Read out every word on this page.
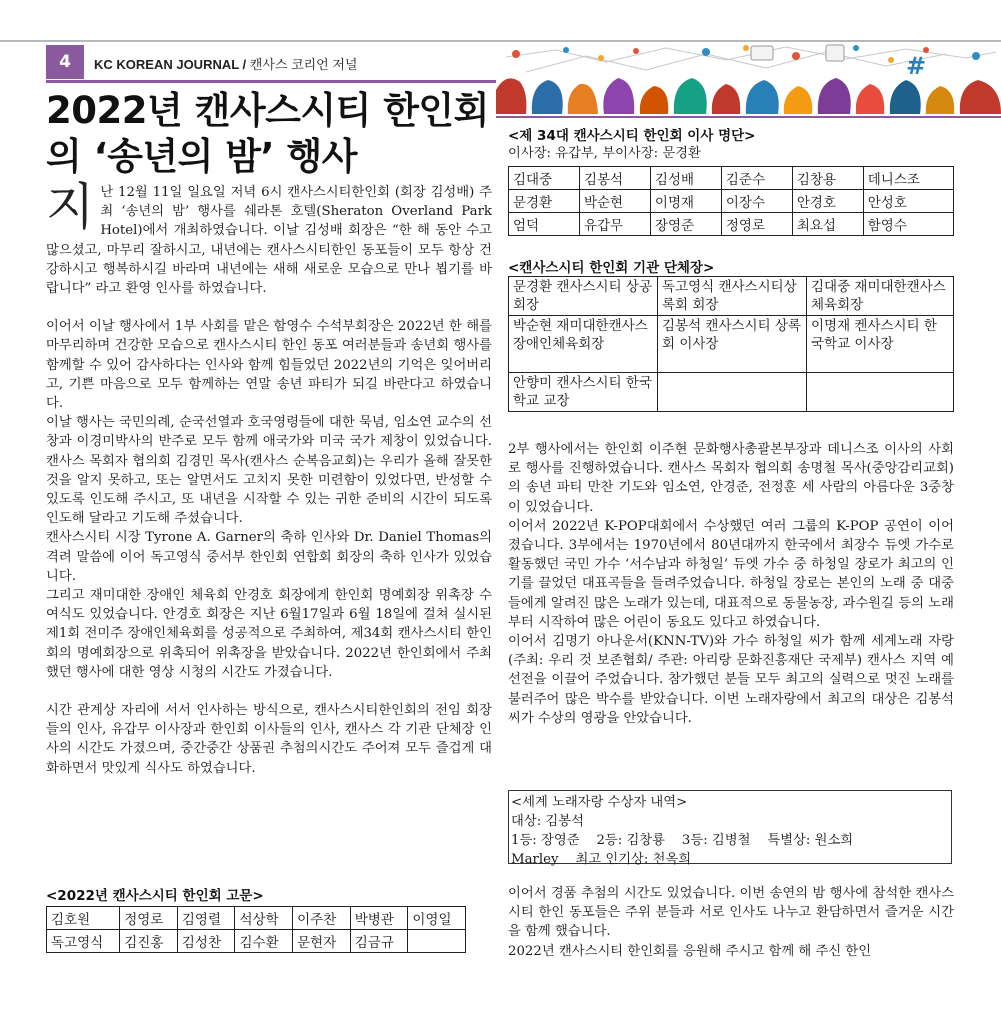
4	KC KOREAN JOURNAL / 캔사스 코리언 저널	#
2022년 캔사스시티 한인회의 ‘송년의 밤’ 행사

지난 12월 11일 일요일 저녁 6시 캔사스시티한인회 (회장 김성배) 주최 ‘송년의 밤’ 행사를 쉐라톤 호텔(Sheraton Overland Park Hotel)에서 개최하였습니다. 이날 김성배 회장은 “한 해 동안 수고 많으셨고, 마무리 잘하시고, 내년에는 캔사스시티한인 동포들이 모두 항상 건강하시고 행복하시길 바라며 내년에는 새해 새로운 모습으로 만나 뵙기를 바랍니다” 라고 환영 인사를 하였습니다.

이어서 이날 행사에서 1부 사회를 맡은 함영수 수석부회장은 2022년 한 해를 마무리하며 건강한 모습으로 캔사스시티 한인 동포 여러분들과 송년회 행사를 함께할 수 있어 감사하다는 인사와 함께 힘들었던 2022년의 기억은 잊어버리고, 기쁜 마음으로 모두 함께하는 연말 송년 파티가 되길 바란다고 하였습니다.

이날 행사는 국민의례, 순국선열과 호국영령들에 대한 묵념, 임소연 교수의 선창과 이경미박사의 반주로 모두 함께 애국가와 미국 국가 제창이 있었습니다. 캔사스 목회자 협의회 김경민 목사(캔사스 순복음교회)는 우리가 올해 잘못한 것을 알지 못하고, 또는 알면서도 고치지 못한 미련함이 있었다면, 반성할 수 있도록 인도해 주시고, 또 내년을 시작할 수 있는 귀한 준비의 시간이 되도록 인도해 달라고 기도해 주셨습니다.

캔사스시티 시장 Tyrone A. Garner의 축하 인사와 Dr. Daniel Thomas의 격려 말씀에 이어 독고영식 중서부 한인회 연합회 회장의 축하 인사가 있었습니다.

그리고 재미대한 장애인 체육회 안경호 회장에게 한인회 명예회장 위촉장 수여식도 있었습니다. 안경호 회장은 지난 6월17일과 6월 18일에 걸쳐 실시된 제1회 전미주 장애인체육회를 성공적으로 주최하여, 제34회 캔사스시티 한인회의 명예회장으로 위촉되어 위촉장을 받았습니다. 2022년 한인회에서 주최했던 행사에 대한 영상 시청의 시간도 가졌습니다.

시간 관계상 자리에 서서 인사하는 방식으로, 캔사스시티한인회의 전임 회장들의 인사, 유갑무 이사장과 한인회 이사들의 인사, 캔사스 각 기관 단체장 인사의 시간도 가졌으며, 중간중간 상품권 추첨의시간도 주어져 모두 즐겁게 대화하면서 맛있게 식사도 하였습니다.

<2022년 캔사스시티 한인회 고문>
김호원	정영로	김영렬	석상학	이주찬	박병관	이영일
독고영식	김진홍	김성찬	김수환	문현자	김금규	
<제 34대 캔사스시티 한인회 이사 명단>
이사장: 유갑부, 부이사장: 문경환
김대중	김봉석	김성배	김준수	김창용	데니스조
문경환	박순현	이명재	이장수	안경호	안성호
엄덕	유갑무	장영준	정영로	최요섭	함영수
<캔사스시티 한인회 기관 단체장>
문경환 캔사스시티 상공회장	독고영식 캔사스시티상록회 회장	김대중 재미대한캔사스체육회장
박순현 재미대한캔사스장애인체육회장	김봉석 캔사스시티 상록회 이사장	이명재 켄사스시티 한국학교 이사장
안향미 캔사스시티 한국학교 교장		

2부 행사에서는 한인회 이주현 문화행사총괄본부장과 데니스조 이사의 사회로 행사를 진행하였습니다. 캔사스 목회자 협의회 송명철 목사(중앙감리교회)의 송년 파티 만찬 기도와 임소연, 안경준, 전정훈 세 사람의 아름다운 3중창이 있었습니다.

이어서 2022년 K-POP대회에서 수상했던 여러 그룹의 K-POP 공연이 이어졌습니다. 3부에서는 1970년에서 80년대까지 한국에서 최장수 듀엣 가수로 활동했던 국민 가수 ‘서수남과 하청일’ 듀엣 가수 중 하청일 장로가 최고의 인기를 끌었던 대표곡들을 들려주었습니다. 하청일 장로는 본인의 노래 중 대중들에게 알려진 많은 노래가 있는데, 대표적으로 동물농장, 과수원길 등의 노래부터 시작하여 많은 어린이 동요도 있다고 하였습니다.

이어서 김명기 아나운서(KNN-TV)와 가수 하청일 씨가 함께 세계노래 자랑 (주최: 우리 것 보존협회/ 주관: 아리랑 문화진흥재단 국제부) 캔사스 지역 예선전을 이끌어 주었습니다. 참가했던 분들 모두 최고의 실력으로 멋진 노래를 불러주어 많은 박수를 받았습니다. 이번 노래자랑에서 최고의 대상은 김봉석 씨가 수상의 영광을 안았습니다.

<세계 노래자랑 수상자 내역>
대상: 김봉석
1등: 장영준    2등: 김창룡    3등: 김병철    특별상: 원소희
Marley    최고 인기상: 천옥희

이어서 경품 추첨의 시간도 있었습니다. 이번 송연의 밤 행사에 참석한 캔사스시티 한인 동포들은 주위 분들과 서로 인사도 나누고 환담하면서 즐거운 시간을 함께 했습니다.

2022년 캔사스시티 한인회를 응원해 주시고 함께 해 주신 한인
